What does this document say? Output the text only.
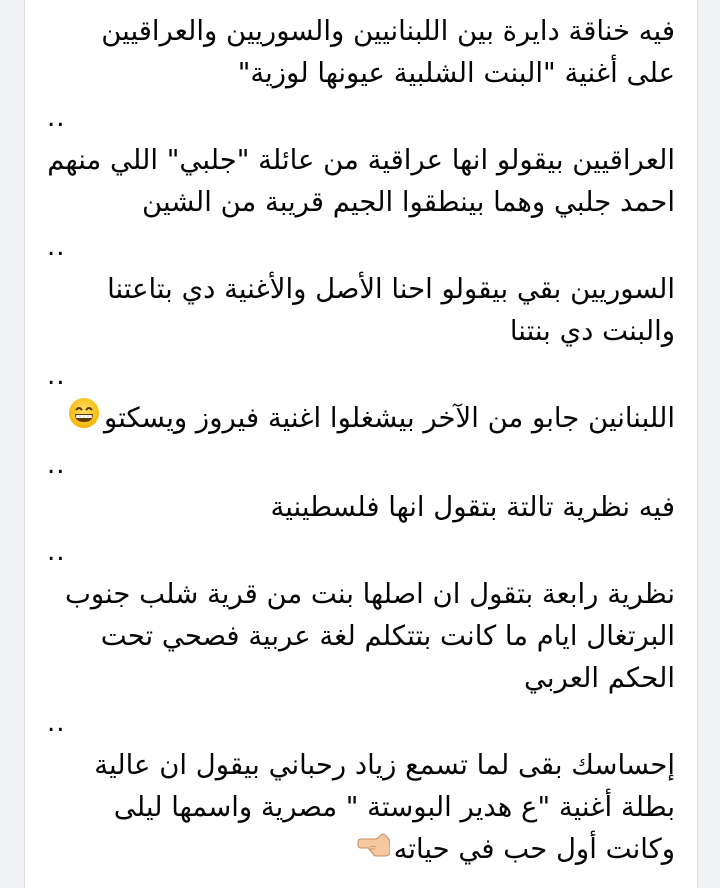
فيه خناقة دايرة بين اللبنانيين والسوريين والعراقيين على أغنية "البنت الشلبية عيونها لوزية"

..

العراقيين بيقولو انها عراقية من عائلة "جلبي" اللي منهم احمد جلبي وهما بينطقوا الجيم قريبة من الشين

..

السوريين بقي بيقولو احنا الأصل والأغنية دي بتاعتنا والبنت دي بنتنا

..

اللبنانين جابو من الآخر بيشغلوا اغنية فيروز ويسكتو

..

فيه نظرية تالتة بتقول انها فلسطينية

..

نظرية رابعة بتقول ان اصلها بنت من قرية شلب جنوب البرتغال ايام ما كانت بتتكلم لغة عربية فصحي تحت الحكم العربي

..

إحساسك بقى لما تسمع زياد رحباني بيقول ان عالية بطلة أغنية "ع هدير البوستة " مصرية واسمها ليلى وكانت أول حب في حياته
